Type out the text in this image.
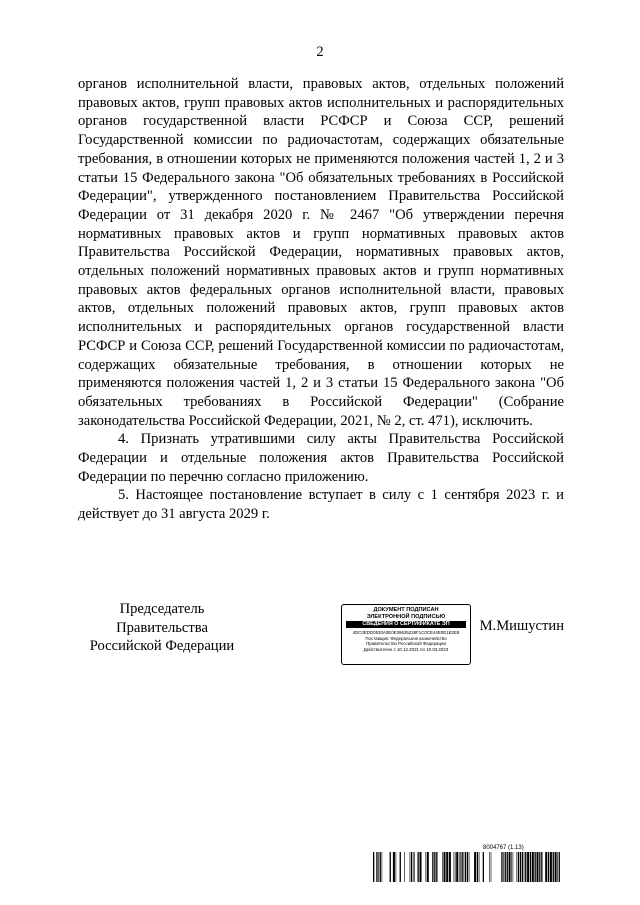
2

органов исполнительной власти, правовых актов, отдельных положений правовых актов, групп правовых актов исполнительных и распорядительных органов государственной власти РСФСР и Союза ССР, решений Государственной комиссии по радиочастотам, содержащих обязательные требования, в отношении которых не применяются положения частей 1, 2 и 3 статьи 15 Федерального закона "Об обязательных требованиях в Российской Федерации", утвержденного постановлением Правительства Российской Федерации от 31 декабря 2020 г. № 2467 "Об утверждении перечня нормативных правовых актов и групп нормативных правовых актов Правительства Российской Федерации, нормативных правовых актов, отдельных положений нормативных правовых актов и групп нормативных правовых актов федеральных органов исполнительной власти, правовых актов, отдельных положений правовых актов, групп правовых актов исполнительных и распорядительных органов государственной власти РСФСР и Союза ССР, решений Государственной комиссии по радиочастотам, содержащих обязательные требования, в отношении которых не применяются положения частей 1, 2 и 3 статьи 15 Федерального закона "Об обязательных требованиях в Российской Федерации" (Собрание законодательства Российской Федерации, 2021, № 2, ст. 471), исключить.

4. Признать утратившими силу акты Правительства Российской Федерации и отдельные положения актов Правительства Российской Федерации по перечню согласно приложению.

5. Настоящее постановление вступает в силу с 1 сентября 2023 г. и действует до 31 августа 2029 г.

Председатель Правительства
Российской Федерации
ДОКУМЕНТ ПОДПИСАН
ЭЛЕКТРОННОЙ ПОДПИСЬЮ
СВЕДЕНИЯ О СЕРТИФИКАТЕ ЭП
4DC0EDD0530A0E0E39635228F1C0CE44E0E1E2E8
Поставщик: Федеральное казначейство
Правительство Российской Федерации
Действителен с 10.12.2021 по 10.03.2023
М.Мишустин
8004767 (1.13)
